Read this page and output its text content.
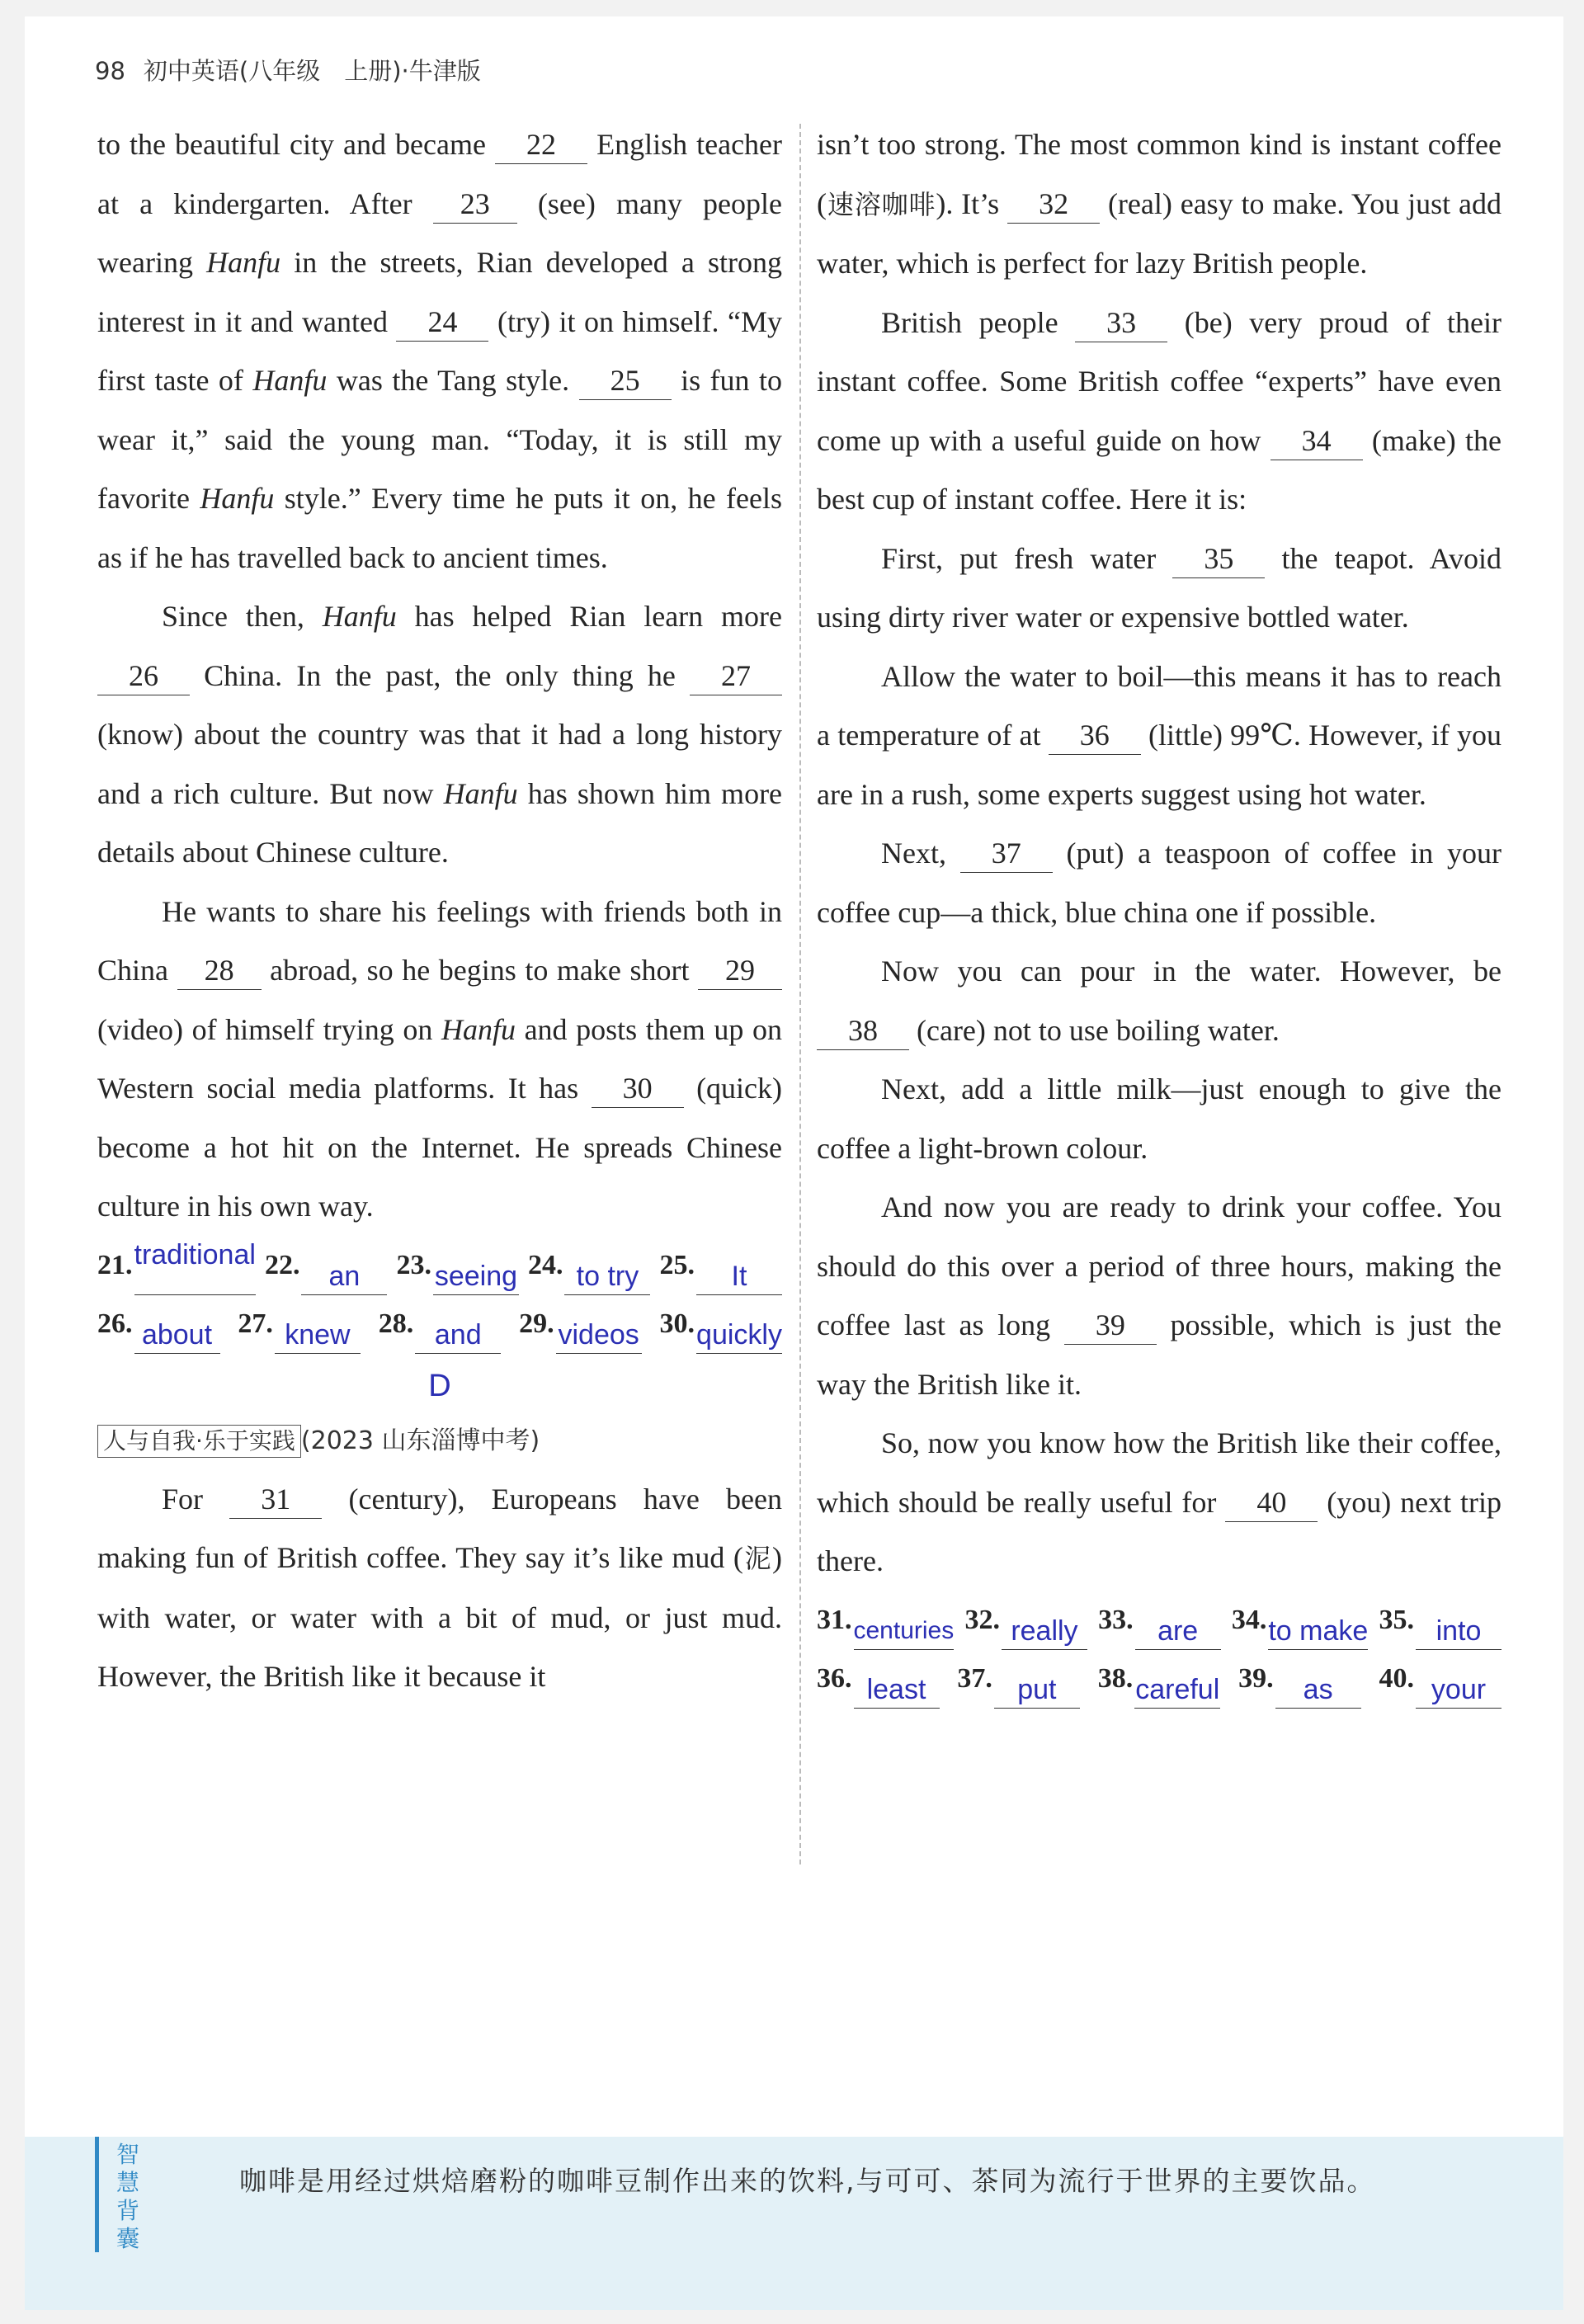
98 初中英语(八年级　上册)·牛津版

to the beautiful city and became 22 English teacher at a kindergarten. After 23 (see) many people wearing Hanfu in the streets, Rian developed a strong interest in it and wanted 24 (try) it on himself. “My first taste of Hanfu was the Tang style. 25 is fun to wear it,” said the young man. “Today, it is still my favorite Hanfu style.” Every time he puts it on, he feels as if he has travelled back to ancient times.

Since then, Hanfu has helped Rian learn more 26 China. In the past, the only thing he 27 (know) about the country was that it had a long history and a rich culture. But now Hanfu has shown him more details about Chinese culture.

He wants to share his feelings with friends both in China 28 abroad, so he begins to make short 29 (video) of himself trying on Hanfu and posts them up on Western social media platforms. It has 30 (quick) become a hot hit on the Internet. He spreads Chinese culture in his own way.

21. traditional 22.	an	23. seeing 24. to try 25.	It
26. about 27. knew	28. and	29. videos 30. quickly
D
人与自我·乐于实践 (2023 山东淄博中考)

For 31 (century), Europeans have been making fun of British coffee. They say it’s like mud (泥) with water, or water with a bit of mud, or just mud. However, the British like it because it

isn’t too strong. The most common kind is instant coffee (速溶咖啡). It’s 32 (real) easy to make. You just add water, which is perfect for lazy British people.

British people 33 (be) very proud of their instant coffee. Some British coffee “experts” have even come up with a useful guide on how 34 (make) the best cup of instant coffee. Here it is:

First, put fresh water 35 the teapot. Avoid using dirty river water or expensive bottled water.

Allow the water to boil—this means it has to reach a temperature of at 36 (little) 99℃. However, if you are in a rush, some experts suggest using hot water.

Next, 37 (put) a teaspoon of coffee in your coffee cup—a thick, blue china one if possible.

Now you can pour in the water. However, be 38 (care) not to use boiling water.

Next, add a little milk—just enough to give the coffee a light-brown colour.

And now you are ready to drink your coffee. You should do this over a period of three hours, making the coffee last as long 39 possible, which is just the way the British like it.

So, now you know how the British like their coffee, which should be really useful for 40 (you) next trip there.

31. centuries 32. really 33. are	34. to make 35. into
36. least	37. put	38. careful 39.	as	40. your
智慧背囊
咖啡是用经过烘焙磨粉的咖啡豆制作出来的饮料,与可可、茶同为流行于世界的主要饮品。
